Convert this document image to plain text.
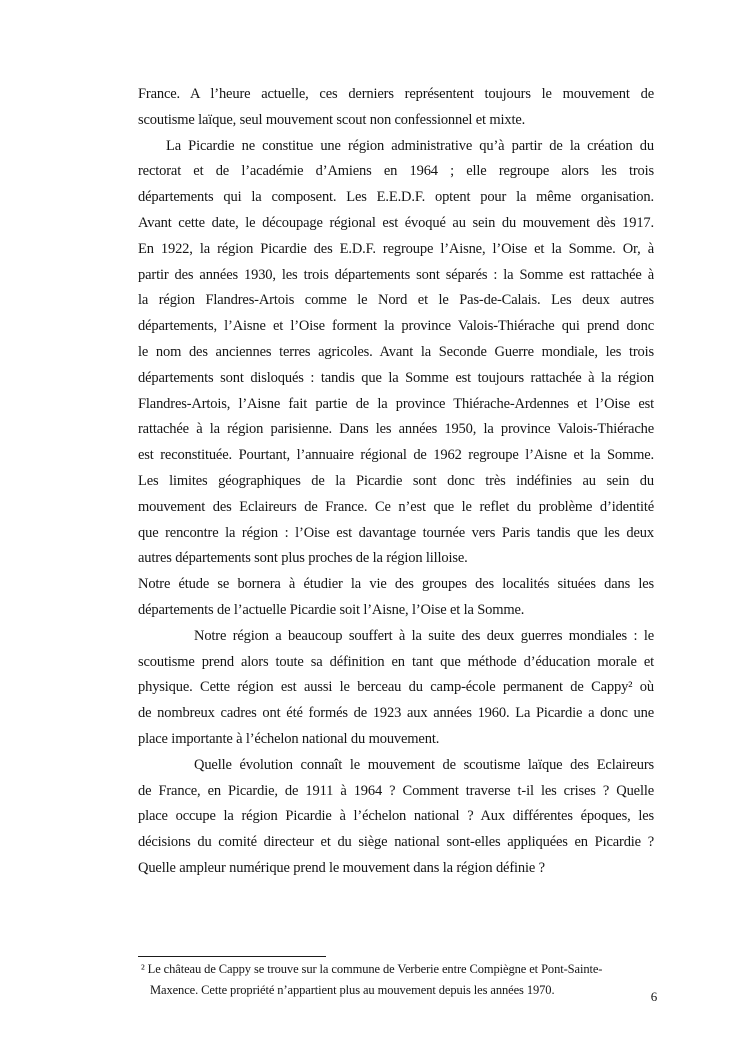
France. A l’heure actuelle, ces derniers représentent toujours le mouvement de
scoutisme laïque, seul mouvement scout non confessionnel et mixte.
La Picardie ne constitue une région administrative qu’à partir de la création du
rectorat et de l’académie d’Amiens en 1964 ; elle regroupe alors les trois
départements qui la composent. Les E.E.D.F. optent pour la même organisation.
Avant cette date, le découpage régional est évoqué au sein du mouvement dès 1917.
En 1922, la région Picardie des E.D.F. regroupe l’Aisne, l’Oise et la Somme. Or, à
partir des années 1930, les trois départements sont séparés : la Somme est rattachée à
la région Flandres-Artois comme le Nord et le Pas-de-Calais. Les deux autres
départements, l’Aisne et l’Oise forment la province Valois-Thiérache qui prend donc
le nom des anciennes terres agricoles. Avant la Seconde Guerre mondiale, les trois
départements sont disloqués : tandis que la Somme est toujours rattachée à la région
Flandres-Artois, l’Aisne fait partie de la province Thiérache-Ardennes et l’Oise est
rattachée à la région parisienne. Dans les années 1950, la province Valois-Thiérache
est reconstituée. Pourtant, l’annuaire régional de 1962 regroupe l’Aisne et la Somme.
Les limites géographiques de la Picardie sont donc très indéfinies au sein du
mouvement des Eclaireurs de France. Ce n’est que le reflet du problème d’identité
que rencontre la région : l’Oise est davantage tournée vers Paris tandis que les deux
autres départements sont plus proches de la région lilloise.
Notre étude se bornera à étudier la vie des groupes des localités situées dans les
départements de l’actuelle Picardie soit l’Aisne, l’Oise et la Somme.
Notre région a beaucoup souffert à la suite des deux guerres mondiales : le
scoutisme prend alors toute sa définition en tant que méthode d’éducation morale et
physique. Cette région est aussi le berceau du camp-école permanent de Cappy² où
de nombreux cadres ont été formés de 1923 aux années 1960. La Picardie a donc une
place importante à l’échelon national du mouvement.
Quelle évolution connaît le mouvement de scoutisme laïque des Eclaireurs
de France, en Picardie, de 1911 à 1964 ? Comment traverse t-il les crises ? Quelle
place occupe la région Picardie à l’échelon national ? Aux différentes époques, les
décisions du comité directeur et du siège national sont-elles appliquées en Picardie ?
Quelle ampleur numérique prend le mouvement dans la région définie ?
² Le château de Cappy se trouve sur la commune de Verberie entre Compiègne et Pont-Sainte-
Maxence. Cette propriété n’appartient plus au mouvement depuis les années 1970.	6
